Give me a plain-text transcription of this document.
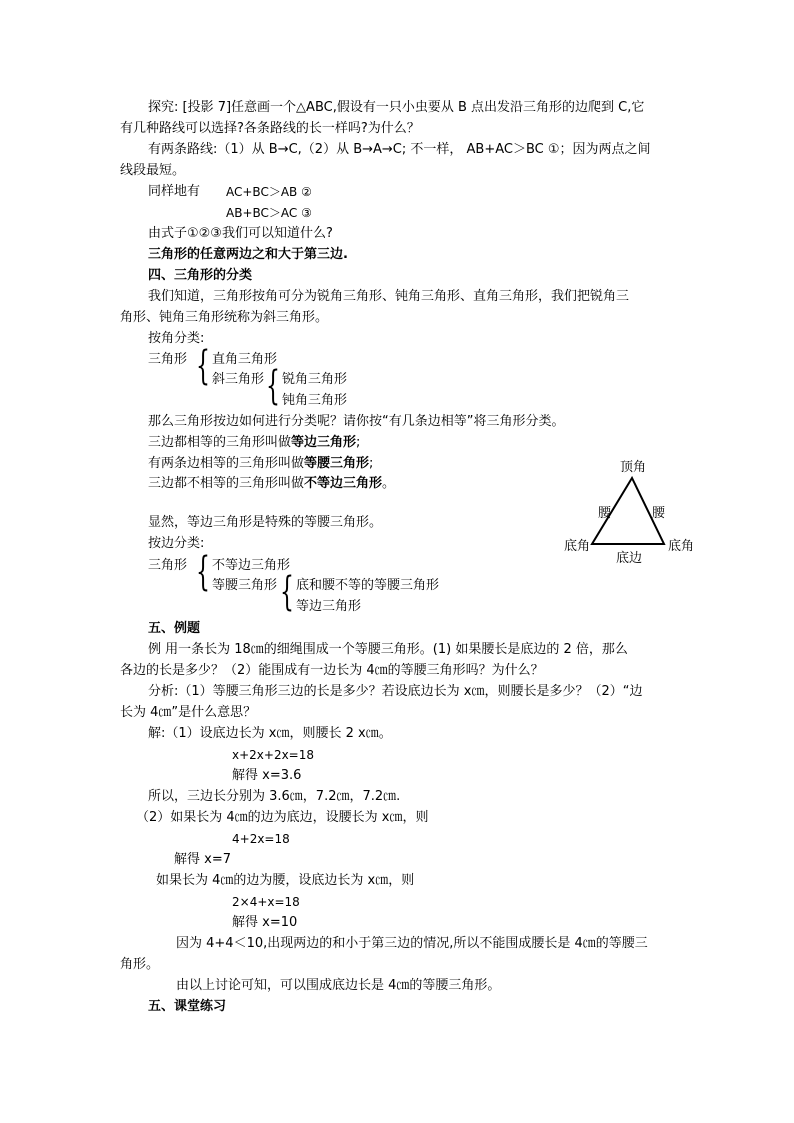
探究: [投影 7]任意画一个△ABC,假设有一只小虫要从 B 点出发沿三角形的边爬到 C,它
有几种路线可以选择?各条路线的长一样吗?为什么？
有两条路线:（1）从 B→C,（2）从 B→A→C; 不一样， AB+AC＞BC ①；因为两点之间
线段最短。
同样地有 AC+BC＞AB ②
AB+BC＞AC ③
由式子①②③我们可以知道什么?
三角形的任意两边之和大于第三边.
四、三角形的分类
我们知道，三角形按角可分为锐角三角形、钝角三角形、直角三角形，我们把锐角三
角形、钝角三角形统称为斜三角形。
按角分类:
三角形 { 直角三角形
斜三角形 { 锐角三角形
钝角三角形
那么三角形按边如何进行分类呢？请你按“有几条边相等”将三角形分类。
三边都相等的三角形叫做等边三角形;
有两条边相等的三角形叫做等腰三角形;
三边都不相等的三角形叫做不等边三角形。
顶角
腰	腰
底角	底角
底边
显然，等边三角形是特殊的等腰三角形。
按边分类:
三角形 { 不等边三角形
等腰三角形 { 底和腰不等的等腰三角形
等边三角形
五、例题
例 用一条长为 18㎝的细绳围成一个等腰三角形。(1) 如果腰长是底边的 2 倍，那么
各边的长是多少？（2）能围成有一边长为 4㎝的等腰三角形吗？为什么？
分析:（1）等腰三角形三边的长是多少？若设底边长为 x㎝，则腰长是多少？（2）“边
长为 4㎝”是什么意思？
解:（1）设底边长为 x㎝，则腰长 2 x㎝。
x+2x+2x=18
解得 x=3.6
所以，三边长分别为 3.6㎝，7.2㎝，7.2㎝.
（2）如果长为 4㎝的边为底边，设腰长为 x㎝，则
4+2x=18
解得 x=7
如果长为 4㎝的边为腰，设底边长为 x㎝，则
2×4+x=18
解得 x=10
因为 4+4＜10,出现两边的和小于第三边的情况,所以不能围成腰长是 4㎝的等腰三
角形。
由以上讨论可知，可以围成底边长是 4㎝的等腰三角形。
五、课堂练习
